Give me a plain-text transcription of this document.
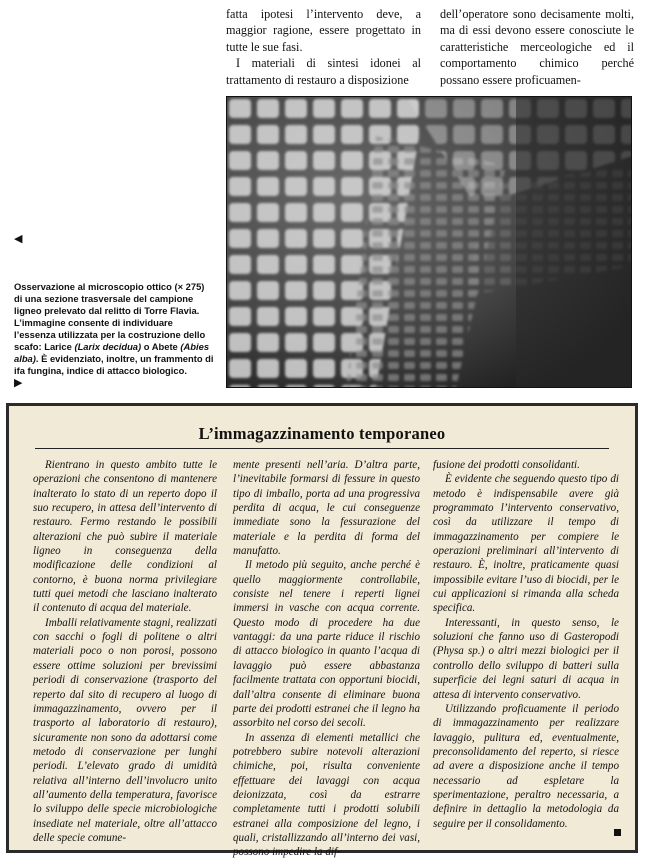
fatta ipotesi l’intervento deve, a maggior ragione, essere progettato in tutte le sue fasi.

I materiali di sintesi idonei al trattamento di restauro a disposizione

dell’operatore sono decisamente molti, ma di essi devono essere conosciute le caratteristiche merceologiche ed il comportamento chimico perché possano essere proficuamen-

◀
Osservazione al microscopio ottico (× 275) di una sezione trasversale del campione ligneo prelevato dal relitto di Torre Flavia. L’immagine consente di individuare l’essenza utilizzata per la costruzione dello scafo: Larice (Larix decidua) o Abete (Abies alba). È evidenziato, inoltre, un frammento di ifa fungina, indice di attacco biologico.
▶
L’immagazzinamento temporaneo

Rientrano in questo ambito tutte le operazioni che consentono di mantenere inalterato lo stato di un reperto dopo il suo recupero, in attesa dell’intervento di restauro. Fermo restando le possibili alterazioni che può subire il materiale ligneo in conseguenza della modificazione delle condizioni al contorno, è buona norma privilegiare tutti quei metodi che lasciano inalterato il contenuto di acqua del materiale.

Imballi relativamente stagni, realizzati con sacchi o fogli di politene o altri materiali poco o non porosi, possono essere ottime soluzioni per brevissimi periodi di conservazione (trasporto del reperto dal sito di recupero al luogo di immagazzinamento, ovvero per il trasporto al laboratorio di restauro), sicuramente non sono da adottarsi come metodo di conservazione per lunghi periodi. L’elevato grado di umidità relativa all’interno dell’involucro unito all’aumento della temperatura, favorisce lo sviluppo delle specie microbiologiche insediate nel materiale, oltre all’attacco delle specie comune-

mente presenti nell’aria. D’altra parte, l’inevitabile formarsi di fessure in questo tipo di imballo, porta ad una progressiva perdita di acqua, le cui conseguenze immediate sono la fessurazione del materiale e la perdita di forma del manufatto.

Il metodo più seguito, anche perché è quello maggiormente controllabile, consiste nel tenere i reperti lignei immersi in vasche con acqua corrente. Questo modo di procedere ha due vantaggi: da una parte riduce il rischio di attacco biologico in quanto l’acqua di lavaggio può essere abbastanza facilmente trattata con opportuni biocidi, dall’altra consente di eliminare buona parte dei prodotti estranei che il legno ha assorbito nel corso dei secoli.

In assenza di elementi metallici che potrebbero subire notevoli alterazioni chimiche, poi, risulta conveniente effettuare dei lavaggi con acqua deionizzata, così da estrarre completamente tutti i prodotti solubili estranei alla composizione del legno, i quali, cristallizzando all’interno dei vasi, possono impedire la dif-

fusione dei prodotti consolidanti.

È evidente che seguendo questo tipo di metodo è indispensabile avere già programmato l’intervento conservativo, così da utilizzare il tempo di immagazzinamento per compiere le operazioni preliminari all’intervento di restauro. È, inoltre, praticamente quasi impossibile evitare l’uso di biocidi, per le cui applicazioni si rimanda alla scheda specifica.

Interessanti, in questo senso, le soluzioni che fanno uso di Gasteropodi (Physa sp.) o altri mezzi biologici per il controllo dello sviluppo di batteri sulla superficie dei legni saturi di acqua in attesa di intervento conservativo.

Utilizzando proficuamente il periodo di immagazzinamento per realizzare lavaggio, pulitura ed, eventualmente, preconsolidamento del reperto, si riesce ad avere a disposizione anche il tempo necessario ad espletare la sperimentazione, peraltro necessaria, a definire in dettaglio la metodologia da seguire per il consolidamento.
